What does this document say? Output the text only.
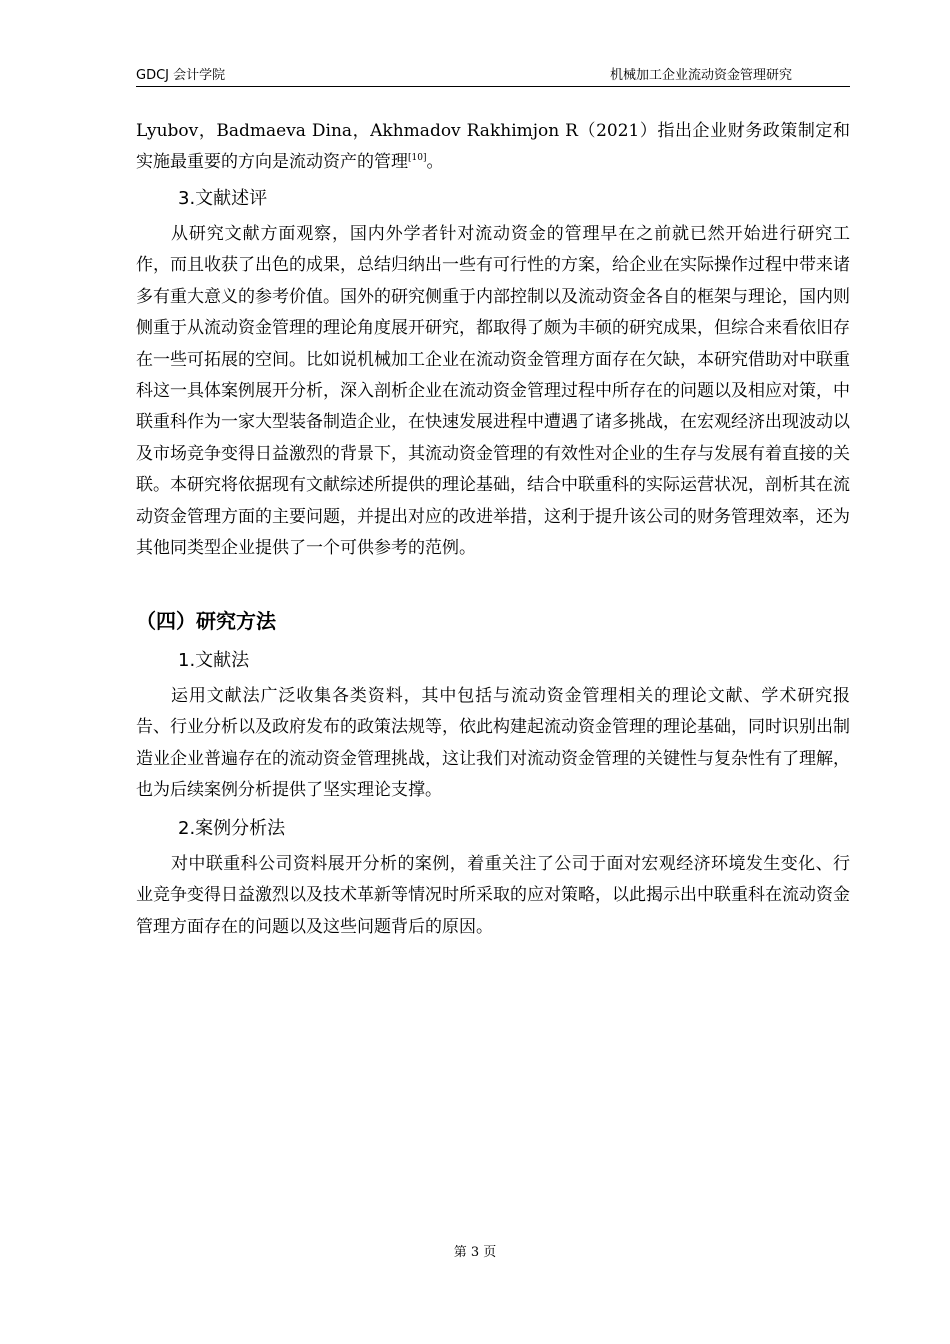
GDCJ 会计学院	机械加工企业流动资金管理研究

Lyubov，Badmaeva Dina，Akhmadov Rakhimjon R（2021）指出企业财务政策制定和实施最重要的方向是流动资产的管理[10]。

3.文献述评

从研究文献方面观察，国内外学者针对流动资金的管理早在之前就已然开始进行研究工作，而且收获了出色的成果，总结归纳出一些有可行性的方案，给企业在实际操作过程中带来诸多有重大意义的参考价值。国外的研究侧重于内部控制以及流动资金各自的框架与理论，国内则侧重于从流动资金管理的理论角度展开研究，都取得了颇为丰硕的研究成果，但综合来看依旧存在一些可拓展的空间。比如说机械加工企业在流动资金管理方面存在欠缺，本研究借助对中联重科这一具体案例展开分析，深入剖析企业在流动资金管理过程中所存在的问题以及相应对策，中联重科作为一家大型装备制造企业，在快速发展进程中遭遇了诸多挑战，在宏观经济出现波动以及市场竞争变得日益激烈的背景下，其流动资金管理的有效性对企业的生存与发展有着直接的关联。本研究将依据现有文献综述所提供的理论基础，结合中联重科的实际运营状况，剖析其在流动资金管理方面的主要问题，并提出对应的改进举措，这利于提升该公司的财务管理效率，还为其他同类型企业提供了一个可供参考的范例。

（四）研究方法
1.文献法

运用文献法广泛收集各类资料，其中包括与流动资金管理相关的理论文献、学术研究报告、行业分析以及政府发布的政策法规等，依此构建起流动资金管理的理论基础，同时识别出制造业企业普遍存在的流动资金管理挑战，这让我们对流动资金管理的关键性与复杂性有了理解，也为后续案例分析提供了坚实理论支撑。

2.案例分析法

对中联重科公司资料展开分析的案例，着重关注了公司于面对宏观经济环境发生变化、行业竞争变得日益激烈以及技术革新等情况时所采取的应对策略，以此揭示出中联重科在流动资金管理方面存在的问题以及这些问题背后的原因。

第 3 页
